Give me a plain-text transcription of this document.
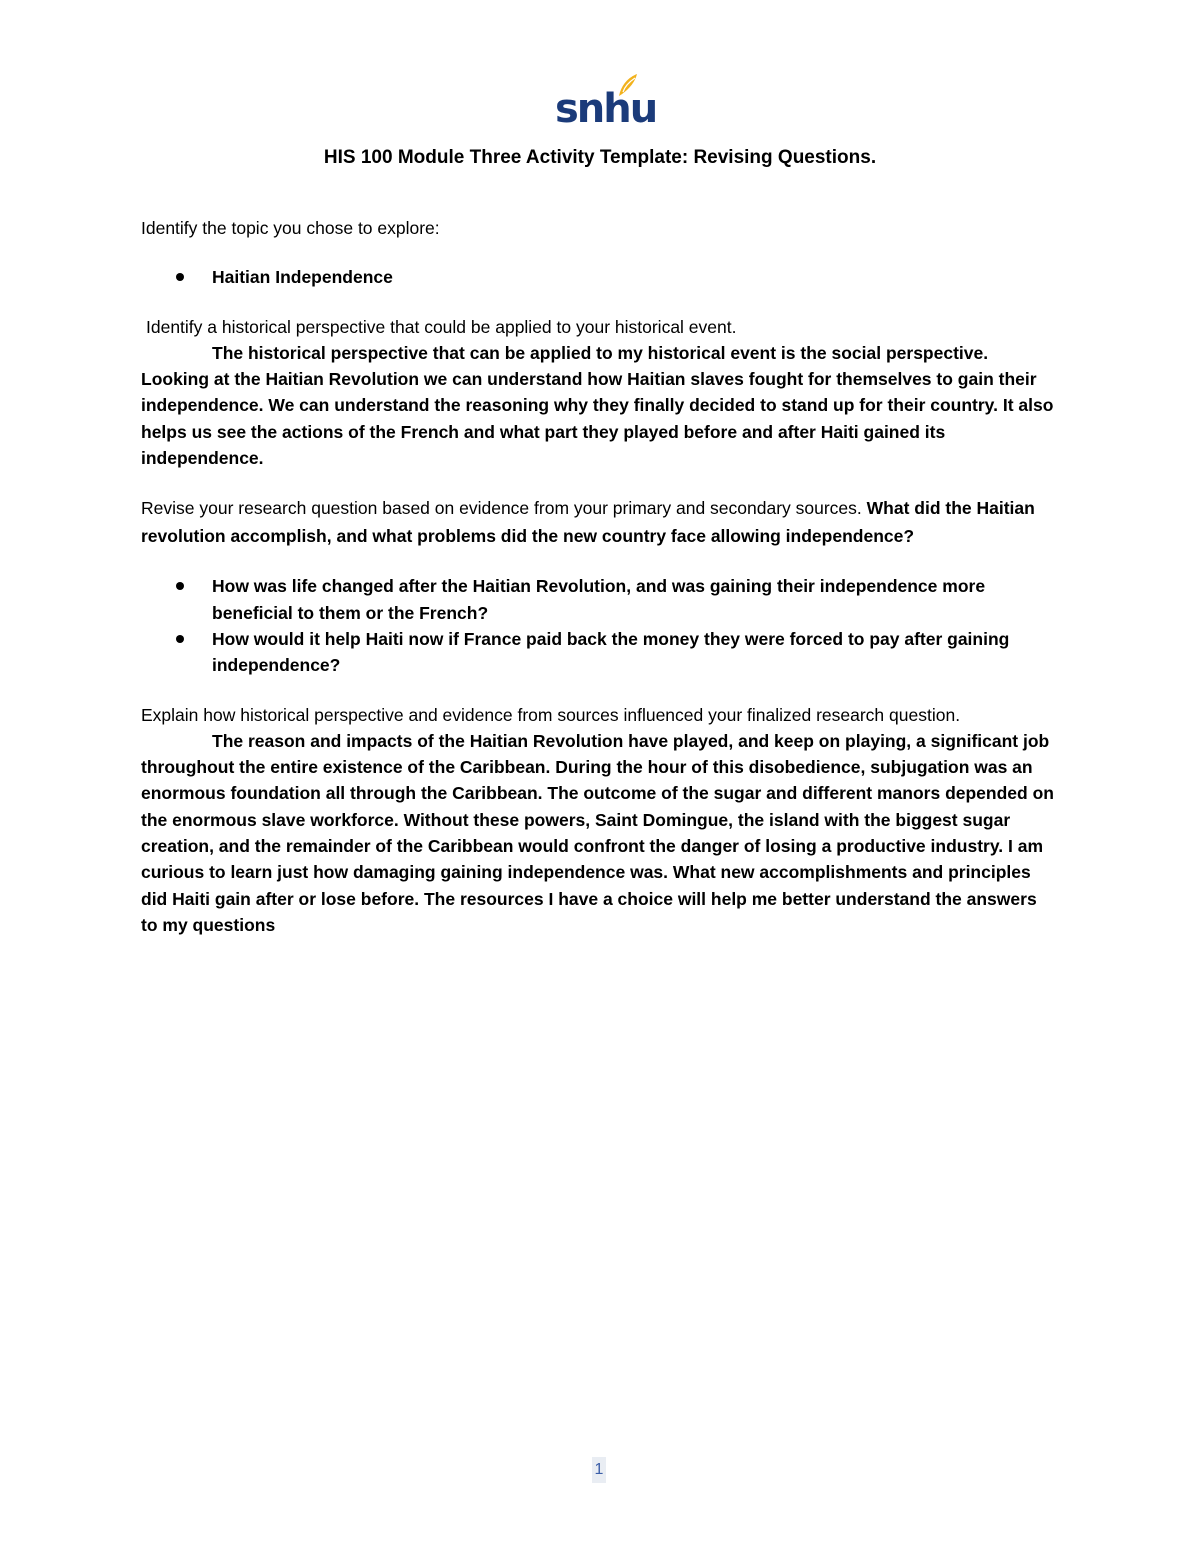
snhu
HIS 100 Module Three Activity Template: Revising Questions.

Identify the topic you chose to explore:

Haitian Independence

Identify a historical perspective that could be applied to your historical event.

The historical perspective that can be applied to my historical event is the social perspective. Looking at the Haitian Revolution we can understand how Haitian slaves fought for themselves to gain their independence. We can understand the reasoning why they finally decided to stand up for their country. It also helps us see the actions of the French and what part they played before and after Haiti gained its independence.

Revise your research question based on evidence from your primary and secondary sources. What did the Haitian revolution accomplish, and what problems did the new country face allowing independence?

How was life changed after the Haitian Revolution, and was gaining their independence more beneficial to them or the French?
How would it help Haiti now if France paid back the money they were forced to pay after gaining independence?

Explain how historical perspective and evidence from sources influenced your finalized research question.

The reason and impacts of the Haitian Revolution have played, and keep on playing, a significant job throughout the entire existence of the Caribbean. During the hour of this disobedience, subjugation was an enormous foundation all through the Caribbean. The outcome of the sugar and different manors depended on the enormous slave workforce. Without these powers, Saint Domingue, the island with the biggest sugar creation, and the remainder of the Caribbean would confront the danger of losing a productive industry. I am curious to learn just how damaging gaining independence was. What new accomplishments and principles did Haiti gain after or lose before. The resources I have a choice will help me better understand the answers to my questions

1
